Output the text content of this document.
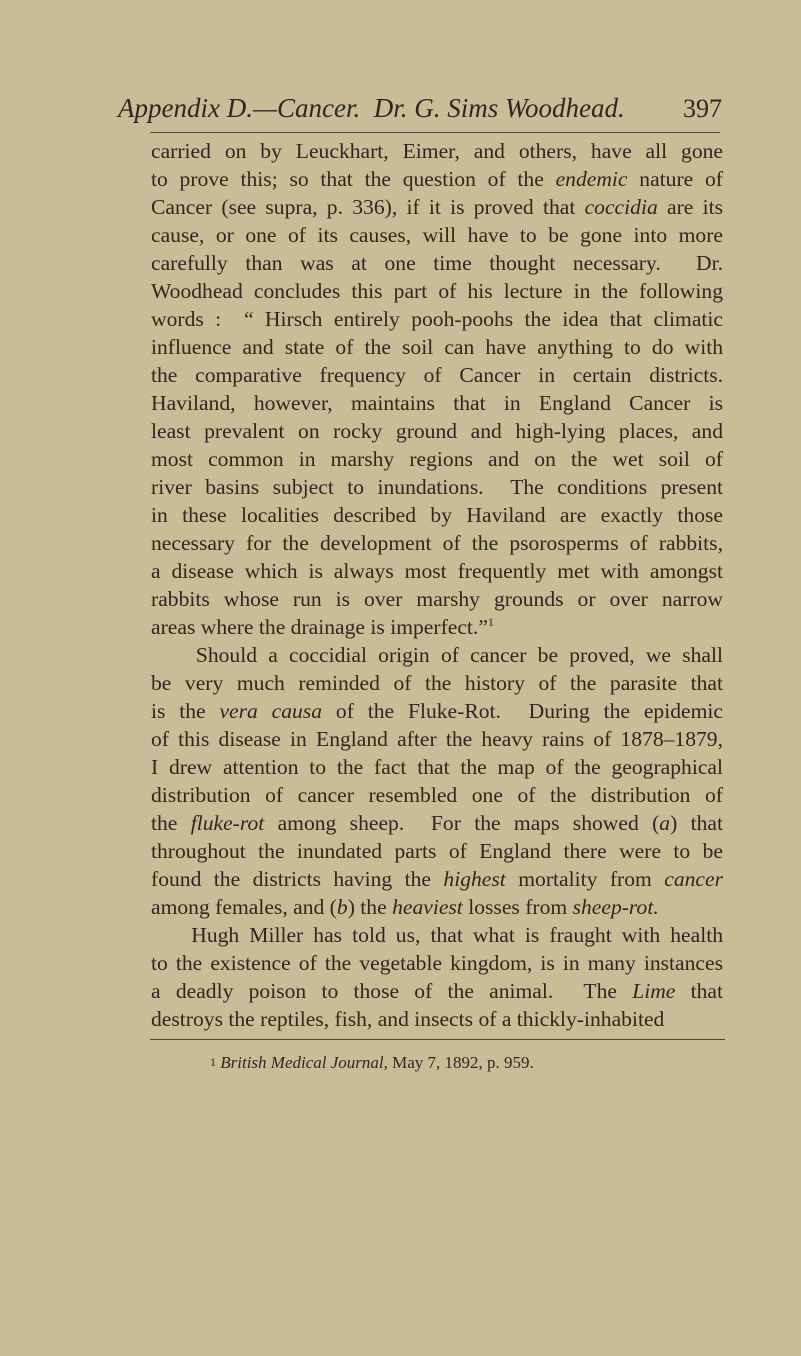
Appendix D.—Cancer.  Dr. G. Sims Woodhead. 397
carried on by Leuckhart, Eimer, and others, have all gone
to prove this; so that the question of the endemic nature of
Cancer (see supra, p. 336), if it is proved that coccidia are its
cause, or one of its causes, will have to be gone into more
carefully than was at one time thought necessary.  Dr.
Woodhead concludes this part of his lecture in the following
words :  “ Hirsch entirely pooh-poohs the idea that climatic
influence and state of the soil can have anything to do with
the comparative frequency of Cancer in certain districts.
Haviland, however, maintains that in England Cancer is
least prevalent on rocky ground and high-lying places, and
most common in marshy regions and on the wet soil of
river basins subject to inundations.  The conditions present
in these localities described by Haviland are exactly those
necessary for the development of the psorosperms of rabbits,
a disease which is always most frequently met with amongst
rabbits whose run is over marshy grounds or over narrow
areas where the drainage is imperfect.”$^1$
Should a coccidial origin of cancer be proved, we shall
be very much reminded of the history of the parasite that
is the vera causa of the Fluke-Rot.  During the epidemic
of this disease in England after the heavy rains of 1878–1879,
I drew attention to the fact that the map of the geographical
distribution of cancer resembled one of the distribution of
the fluke-rot among sheep.  For the maps showed (a) that
throughout the inundated parts of England there were to be
found the districts having the highest mortality from cancer
among females, and (b) the heaviest losses from sheep-rot.
Hugh Miller has told us, that what is fraught with health
to the existence of the vegetable kingdom, is in many instances
a deadly poison to those of the animal.  The Lime that
destroys the reptiles, fish, and insects of a thickly-inhabited
$^1$ British Medical Journal, May 7, 1892, p. 959.
